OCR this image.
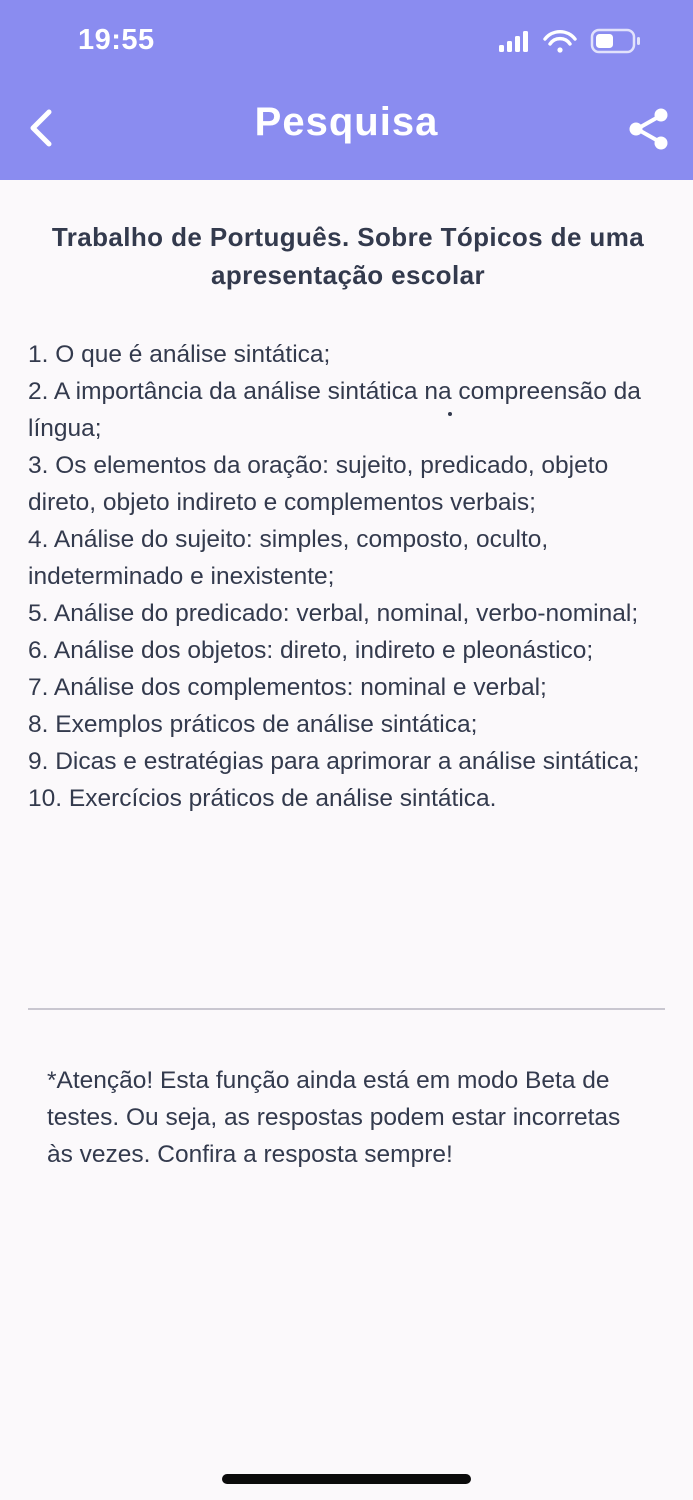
19:55
Pesquisa
Trabalho de Português. Sobre Tópicos de uma apresentação escolar
1. O que é análise sintática;
2. A importância da análise sintática na compreensão da língua;
3. Os elementos da oração: sujeito, predicado, objeto direto, objeto indireto e complementos verbais;
4. Análise do sujeito: simples, composto, oculto, indeterminado e inexistente;
5. Análise do predicado: verbal, nominal, verbo-nominal;
6. Análise dos objetos: direto, indireto e pleonástico;
7. Análise dos complementos: nominal e verbal;
8. Exemplos práticos de análise sintática;
9. Dicas e estratégias para aprimorar a análise sintática;
10. Exercícios práticos de análise sintática.
*Atenção! Esta função ainda está em modo Beta de testes. Ou seja, as respostas podem estar incorretas às vezes. Confira a resposta sempre!
